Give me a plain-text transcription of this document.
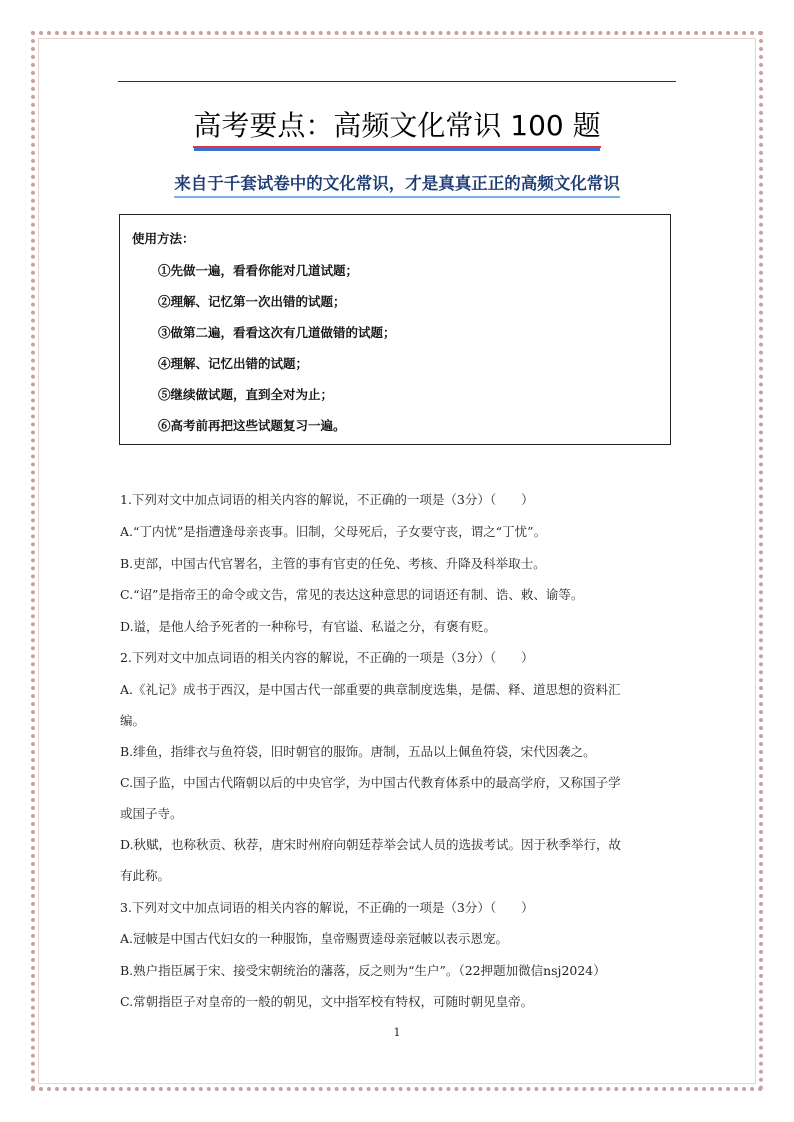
高考要点：高频文化常识 100 题
来自于千套试卷中的文化常识，才是真真正正的高频文化常识
使用方法：
①先做一遍，看看你能对几道试题；
②理解、记忆第一次出错的试题；
③做第二遍，看看这次有几道做错的试题；
④理解、记忆出错的试题；
⑤继续做试题，直到全对为止；
⑥高考前再把这些试题复习一遍。
1.下列对文中加点词语的相关内容的解说，不正确的一项是（3分）（　　）
A.“丁内忧”是指遭逢母亲丧事。旧制，父母死后，子女要守丧，谓之“丁忧”。
B.吏部，中国古代官署名，主管的事有官吏的任免、考核、升降及科举取士。
C.“诏”是指帝王的命令或文告，常见的表达这种意思的词语还有制、诰、敕、谕等。
D.谥，是他人给予死者的一种称号，有官谥、私谥之分，有褒有贬。
2.下列对文中加点词语的相关内容的解说，不正确的一项是（3分）（　　）
A.《礼记》成书于西汉，是中国古代一部重要的典章制度选集，是儒、释、道思想的资料汇
编。
B.绯鱼，指绯衣与鱼符袋，旧时朝官的服饰。唐制，五品以上佩鱼符袋，宋代因袭之。
C.国子监，中国古代隋朝以后的中央官学，为中国古代教育体系中的最高学府，又称国子学
或国子寺。
D.秋赋，也称秋贡、秋荐，唐宋时州府向朝廷荐举会试人员的选拔考试。因于秋季举行，故
有此称。
3.下列对文中加点词语的相关内容的解说，不正确的一项是（3分）（　　）
A.冠帔是中国古代妇女的一种服饰，皇帝赐贾逵母亲冠帔以表示恩宠。
B.熟户指臣属于宋、接受宋朝统治的藩落，反之则为“生户”。（22押题加微信nsj2024）
C.常朝指臣子对皇帝的一般的朝见，文中指军校有特权，可随时朝见皇帝。
1
